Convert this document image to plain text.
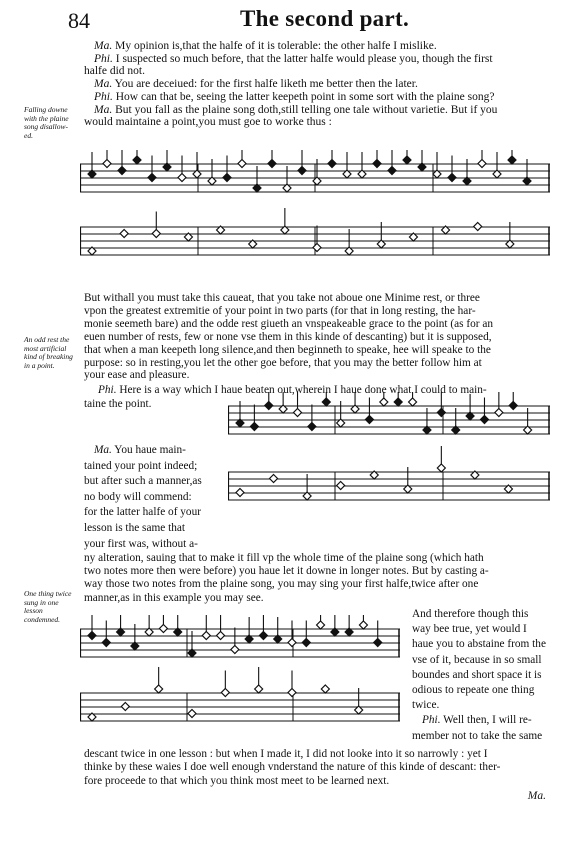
84	The second part.
Ma. My opinion is,that the halfe of it is tolerable: the other halfe I mislike.
Phi. I suspected so much before, that the latter halfe would please you, though the first
halfe did not.
Ma. You are deceiued: for the first halfe liketh me better then the later.
Phi. How can that be, seeing the latter keepeth point in some sort with the plaine song?
Ma. But you fall as the plaine song doth,still telling one tale without varietie. But if you
would maintaine a point,you must goe to worke thus :
But withall you must take this caueat, that you take not aboue one Minime rest, or three
vpon the greatest extremitie of your point in two parts (for that in long resting, the har-
monie seemeth bare) and the odde rest giueth an vnspeakeable grace to the point (as for an
euen number of rests, few or none vse them in this kinde of descanting) but it is supposed,
that when a man keepeth long silence,and then beginneth to speake, hee will speake to the
purpose: so in resting,you let the other goe before, that you may the better follow him at
your ease and pleasure.
Phi. Here is a way which I haue beaten out,wherein I haue done what I could to main-
taine the point.
Ma. You haue main-
tained your point indeed;
but after such a manner,as
no body will commend:
for the latter halfe of your
lesson is the same that
your first was, without a-
ny alteration, sauing that to make it fill vp the whole time of the plaine song (which hath
two notes more then were before) you haue let it downe in longer notes. But by casting a-
way those two notes from the plaine song, you may sing your first halfe,twice after one
manner,as in this example you may see.
And therefore though this
way bee true, yet would I
haue you to abstaine from the
vse of it, because in so small
boundes and short space it is
odious to repeate one thing
twice.
Phi. Well then, I will re-
member not to take the same
descant twice in one lesson : but when I made it, I did not looke into it so narrowly : yet I
thinke by these waies I doe well enough vnderstand the nature of this kinde of descant: ther-
fore proceede to that which you think most meet to be learned next.
Falling downe with the plaine song disallow-ed.
An odd rest the most artificial kind of breaking in a point.
One thing twice sung in one lesson condemned.
Ma.
